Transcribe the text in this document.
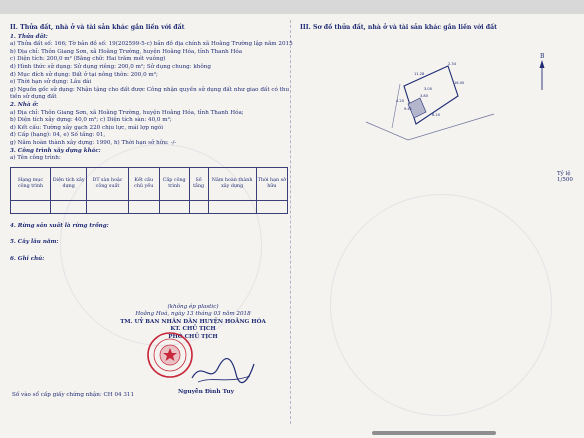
II. Thửa đất, nhà ở và tài sản khác gắn liền với đất
1. Thửa đất:
a) Thửa đất số: 166; Tờ bản đồ số: 19(202599-5-c) bản đồ địa chính xã Hoằng Trường lập năm 2015
b) Địa chỉ: Thôn Giang Sơn, xã Hoằng Trường, huyện Hoằng Hóa, tỉnh Thanh Hóa
c) Diện tích: 200,0 m² (Bằng chữ: Hai trăm mét vuông)
d) Hình thức sử dụng: Sử dụng riêng: 200,0 m²; Sử dụng chung: không
đ) Mục đích sử dụng: Đất ở tại nông thôn: 200,0 m²;
e) Thời hạn sử dụng: Lâu dài
g) Nguồn gốc sử dụng: Nhận tặng cho đất được Công nhận quyền sử dụng đất như giao đất có thu
tiền sử dụng đất
2. Nhà ở:
a) Địa chỉ: Thôn Giang Sơn, xã Hoằng Trường, huyện Hoằng Hóa, tỉnh Thanh Hóa;
b) Diện tích xây dựng: 40,0 m²; c) Diện tích sàn: 40,0 m²;
d) Kết cấu: Tường xây gạch 220 chịu lực, mái lợp ngói
đ) Cấp (hạng): 04, e) Số tầng: 01,
g) Năm hoàn thành xây dựng: 1990, h) Thời hạn sở hữu: -/-
3. Công trình xây dựng khác:
a) Tên công trình:
Hạng mục công trình	Diện tích xây dựng	DT sàn hoặc công suất	Kết cấu chủ yếu	Cấp công trình	Số tầng	Năm hoàn thành xây dựng	Thời hạn sở hữu

4. Rừng sản xuất là rừng trồng:
5. Cây lâu năm:
6. Ghi chú:
III. Sơ đồ thửa đất, nhà ở và tài sản khác gắn liền với đất
B
11.28
2.34
3.00
3.80
9.41
6.20
16.00
4.20
Tỷ lệ 1/500
(không ép plastic)
Hoằng Hoá, ngày 13 tháng 03 năm 2018
TM. UỶ BAN NHÂN DÂN HUYỆN HOẰNG HÓA
KT. CHỦ TỊCH
PHÓ CHỦ TỊCH
Nguyễn Đình Tuy
Số vào sổ cấp giấy chứng nhận: CH 04 311
